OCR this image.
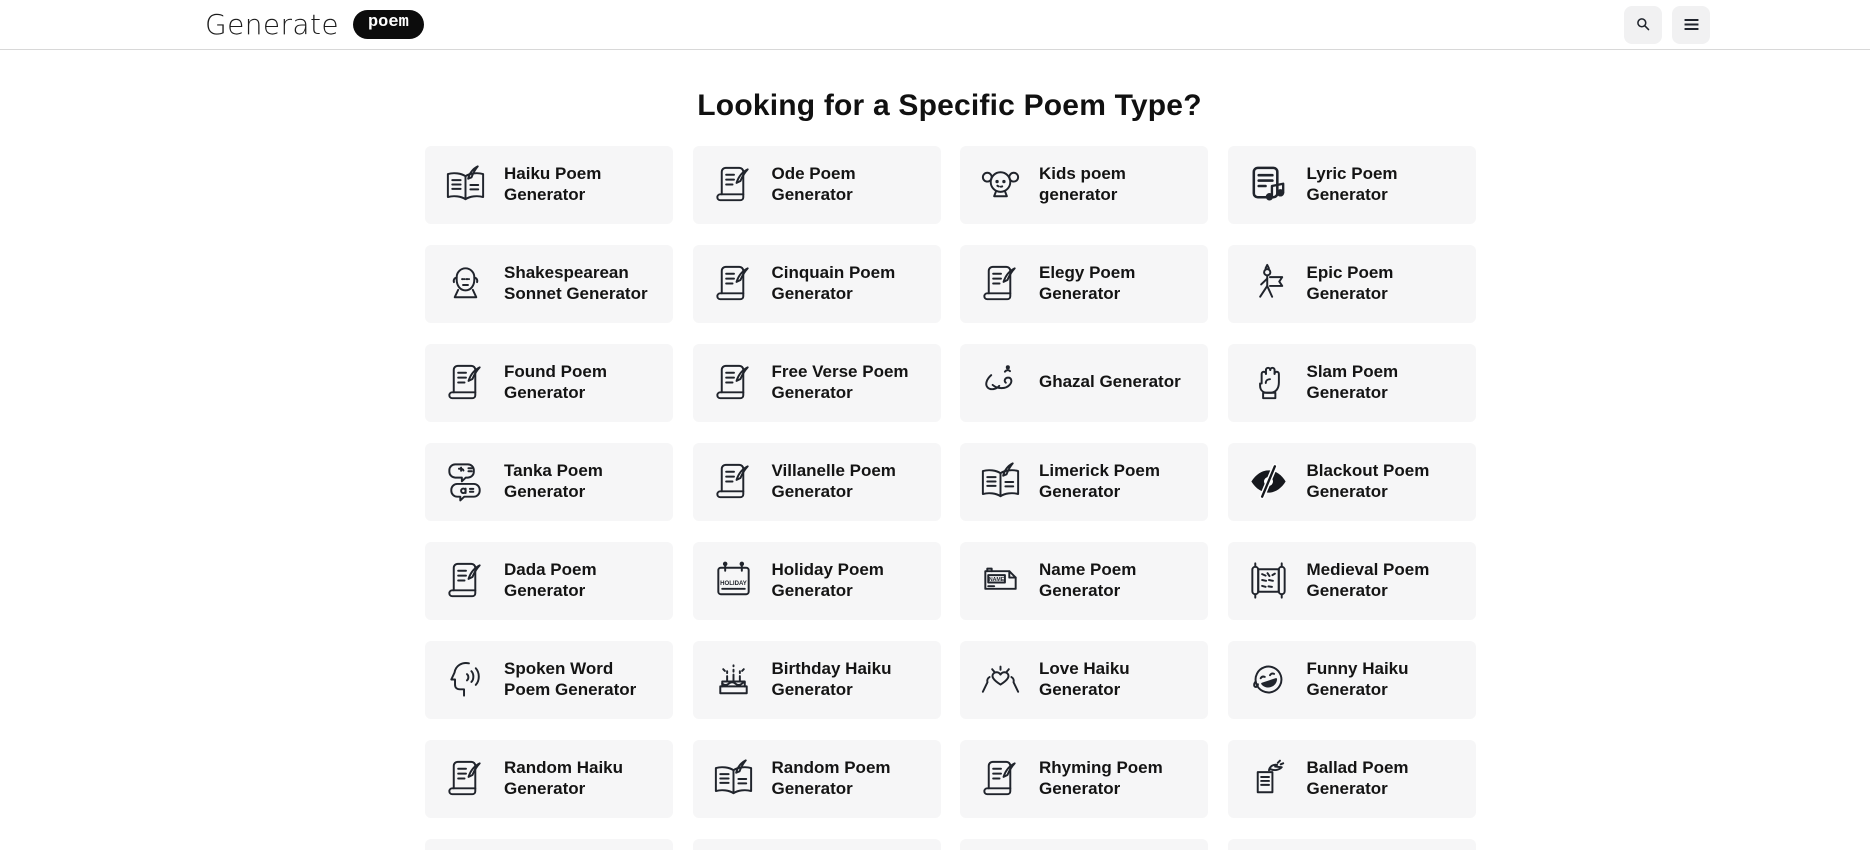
Generate	poem
Looking for a Specific Poem Type?
Haiku Poem Generator
Ode Poem Generator
Kids poem generator
Lyric Poem Generator
Shakespearean Sonnet Generator
Cinquain Poem Generator
Elegy Poem Generator
Epic Poem Generator
Found Poem Generator
Free Verse Poem Generator
Ghazal Generator
Slam Poem Generator
Tanka Poem Generator
Villanelle Poem Generator
Limerick Poem Generator
Blackout Poem Generator
Dada Poem Generator	HOLIDAY
Holiday Poem Generator
NAME
Name Poem Generator
Medieval Poem Generator
Spoken Word Poem Generator
Birthday Haiku Generator
Love Haiku Generator
Funny Haiku Generator
Random Haiku Generator
Random Poem Generator
Rhyming Poem Generator
Ballad Poem Generator
